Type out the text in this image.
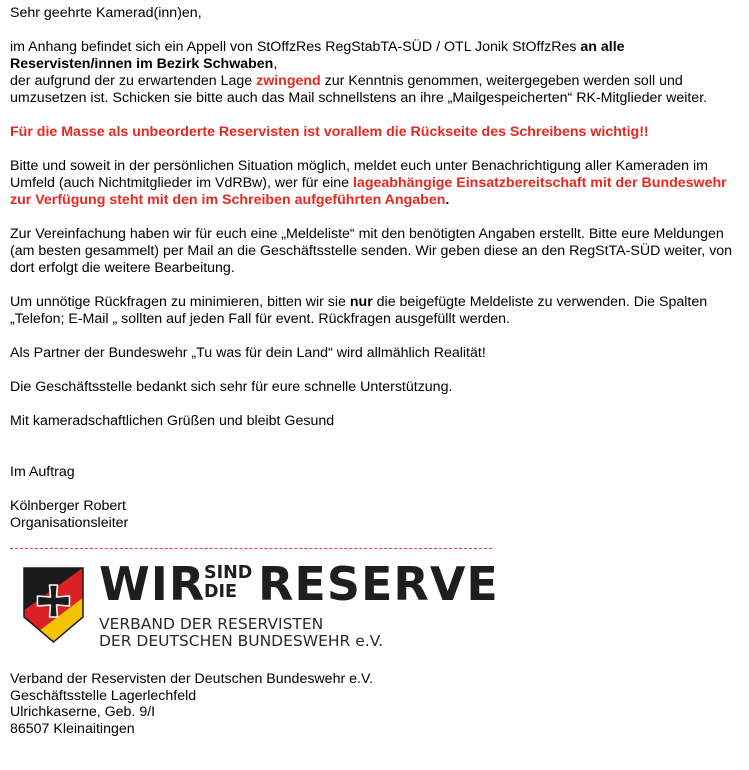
Sehr geehrte Kamerad(inn)en,

im Anhang befindet sich ein Appell von StOffzRes RegStabTA-SÜD / OTL Jonik StOffzRes an alle Reservisten/innen im Bezirk Schwaben,
der aufgrund der zu erwartenden Lage zwingend zur Kenntnis genommen, weitergegeben werden soll und umzusetzen ist. Schicken sie bitte auch das Mail schnellstens an ihre „Mailgespeicherten“ RK-Mitglieder weiter.

Für die Masse als unbeorderte Reservisten ist vorallem die Rückseite des Schreibens wichtig!!

Bitte und soweit in der persönlichen Situation möglich, meldet euch unter Benachrichtigung aller Kameraden im Umfeld (auch Nichtmitglieder im VdRBw), wer für eine lageabhängige Einsatzbereitschaft mit der Bundeswehr zur Verfügung steht mit den im Schreiben aufgeführten Angaben.

Zur Vereinfachung haben wir für euch eine „Meldeliste“ mit den benötigten Angaben erstellt. Bitte eure Meldungen (am besten gesammelt) per Mail an die Geschäftsstelle senden. Wir geben diese an den RegStTA-SÜD weiter, von dort erfolgt die weitere Bearbeitung.

Um unnötige Rückfragen zu minimieren, bitten wir sie nur die beigefügte Meldeliste zu verwenden. Die Spalten „Telefon; E-Mail „ sollten auf jeden Fall für event. Rückfragen ausgefüllt werden.

Als Partner der Bundeswehr „Tu was für dein Land“ wird allmählich Realität!

Die Geschäftsstelle bedankt sich sehr für eure schnelle Unterstützung.

Mit kameradschaftlichen Grüßen und bleibt Gesund

Im Auftrag

Kölnberger Robert

Organisationsleiter

WIR
SIND
DIE RESERVE
VERBAND DER RESERVISTEN
DER DEUTSCHEN BUNDESWEHR e.V.

Verband der Reservisten der Deutschen Bundeswehr e.V.

Geschäftsstelle Lagerlechfeld

Ulrichkaserne, Geb. 9/I

86507 Kleinaitingen
